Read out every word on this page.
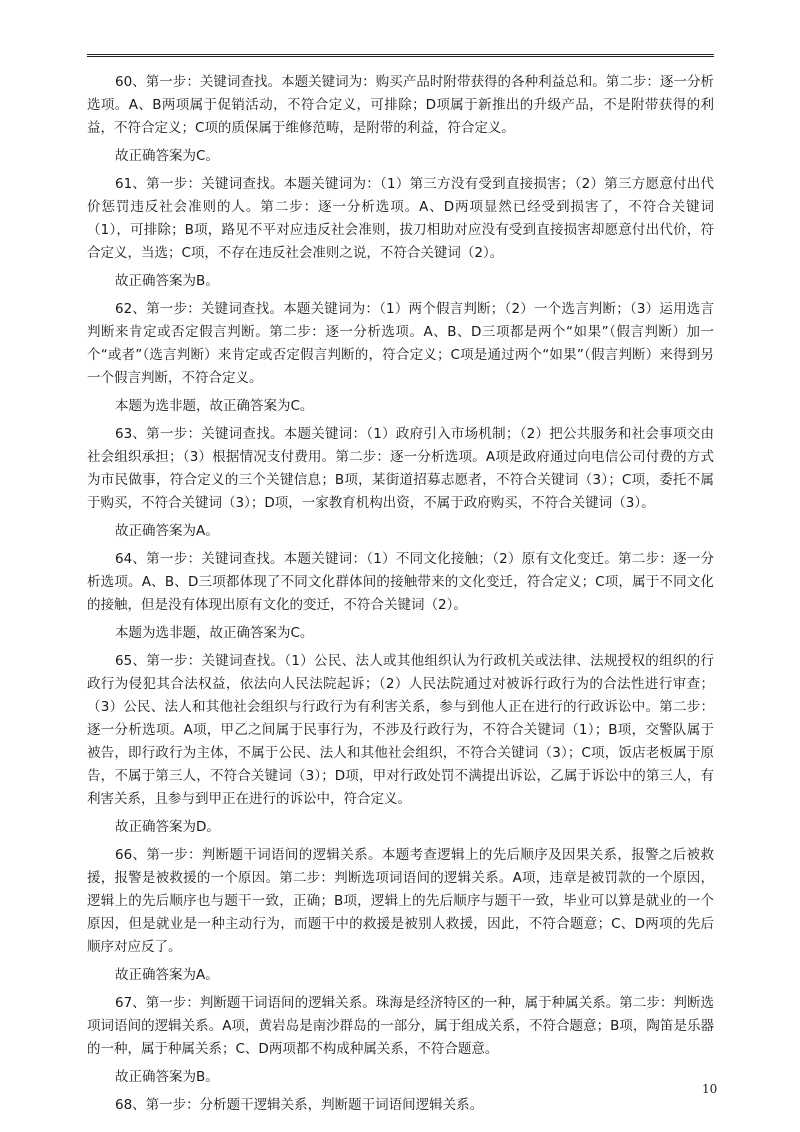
60、第一步：关键词查找。本题关键词为：购买产品时附带获得的各种利益总和。第二步：逐一分析选项。A、B两项属于促销活动，不符合定义，可排除；D项属于新推出的升级产品，不是附带获得的利益，不符合定义；C项的质保属于维修范畴，是附带的利益，符合定义。

故正确答案为C。

61、第一步：关键词查找。本题关键词为：（1）第三方没有受到直接损害；（2）第三方愿意付出代价惩罚违反社会准则的人。第二步：逐一分析选项。A、D两项显然已经受到损害了，不符合关键词（1），可排除；B项，路见不平对应违反社会准则，拔刀相助对应没有受到直接损害却愿意付出代价，符合定义，当选；C项，不存在违反社会准则之说，不符合关键词（2）。

故正确答案为B。

62、第一步：关键词查找。本题关键词为：（1）两个假言判断；（2）一个选言判断；（3）运用选言判断来肯定或否定假言判断。第二步：逐一分析选项。A、B、D三项都是两个“如果”（假言判断）加一个“或者”（选言判断）来肯定或否定假言判断的，符合定义；C项是通过两个“如果”（假言判断）来得到另一个假言判断，不符合定义。

本题为选非题，故正确答案为C。

63、第一步：关键词查找。本题关键词：（1）政府引入市场机制；（2）把公共服务和社会事项交由社会组织承担；（3）根据情况支付费用。第二步：逐一分析选项。A项是政府通过向电信公司付费的方式为市民做事，符合定义的三个关键信息；B项，某街道招募志愿者，不符合关键词（3）；C项，委托不属于购买，不符合关键词（3）；D项，一家教育机构出资，不属于政府购买，不符合关键词（3）。

故正确答案为A。

64、第一步：关键词查找。本题关键词：（1）不同文化接触；（2）原有文化变迁。第二步：逐一分析选项。A、B、D三项都体现了不同文化群体间的接触带来的文化变迁，符合定义；C项，属于不同文化的接触，但是没有体现出原有文化的变迁，不符合关键词（2）。

本题为选非题，故正确答案为C。

65、第一步：关键词查找。（1）公民、法人或其他组织认为行政机关或法律、法规授权的组织的行政行为侵犯其合法权益，依法向人民法院起诉；（2）人民法院通过对被诉行政行为的合法性进行审查；（3）公民、法人和其他社会组织与行政行为有利害关系，参与到他人正在进行的行政诉讼中。第二步：逐一分析选项。A项，甲乙之间属于民事行为，不涉及行政行为，不符合关键词（1）；B项，交警队属于被告，即行政行为主体，不属于公民、法人和其他社会组织，不符合关键词（3）；C项，饭店老板属于原告，不属于第三人，不符合关键词（3）；D项，甲对行政处罚不满提出诉讼，乙属于诉讼中的第三人，有利害关系，且参与到甲正在进行的诉讼中，符合定义。

故正确答案为D。

66、第一步：判断题干词语间的逻辑关系。本题考查逻辑上的先后顺序及因果关系，报警之后被救援，报警是被救援的一个原因。第二步：判断选项词语间的逻辑关系。A项，违章是被罚款的一个原因，逻辑上的先后顺序也与题干一致，正确；B项，逻辑上的先后顺序与题干一致，毕业可以算是就业的一个原因，但是就业是一种主动行为，而题干中的救援是被别人救援，因此，不符合题意；C、D两项的先后顺序对应反了。

故正确答案为A。

67、第一步：判断题干词语间的逻辑关系。珠海是经济特区的一种，属于种属关系。第二步：判断选项词语间的逻辑关系。A项，黄岩岛是南沙群岛的一部分，属于组成关系，不符合题意；B项，陶笛是乐器的一种，属于种属关系；C、D两项都不构成种属关系，不符合题意。

故正确答案为B。

68、第一步：分析题干逻辑关系，判断题干词语间逻辑关系。

10
